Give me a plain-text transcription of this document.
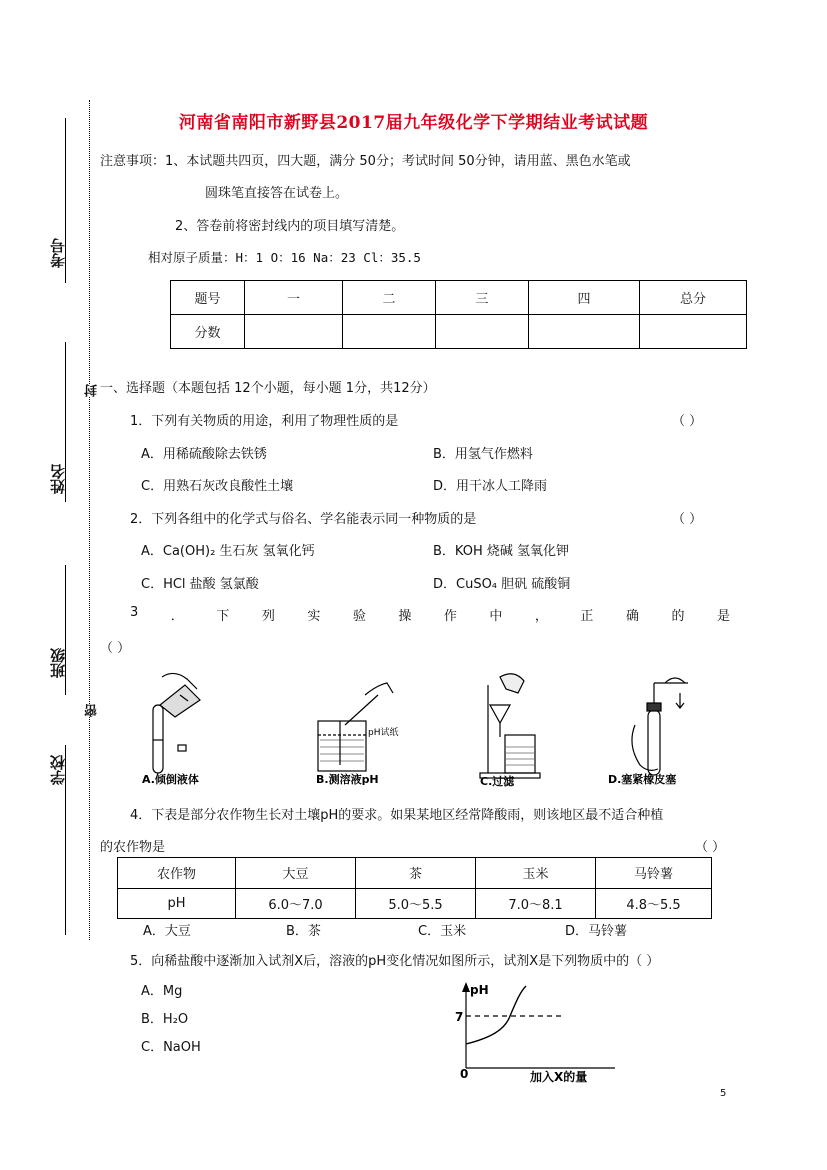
河南省南阳市新野县2017届九年级化学下学期结业考试试题
考号
姓名
班级
学校
封
密
注意事项：1、本试题共四页，四大题，满分 50分；考试时间 50分钟，请用蓝、黑色水笔或
圆珠笔直接答在试卷上。
2、答卷前将密封线内的项目填写清楚。
相对原子质量：H：1 O：16 Na：23 Cl：35.5
题号	一	二	三	四	总分
分数					
一、选择题（本题包括 12个小题，每小题 1分，共12分）
1．下列有关物质的用途，利用了物理性质的是	（ ）
A．用稀硫酸除去铁锈	B．用氢气作燃料
C．用熟石灰改良酸性土壤	D．用干冰人工降雨
2．下列各组中的化学式与俗名、学名能表示同一种物质的是	（ ）
A．Ca(OH)₂ 生石灰 氢氧化钙	B．KOH 烧碱 氢氧化钾
C．HCl 盐酸 氢氯酸	D．CuSO₄ 胆矾 硫酸铜
3	．	下	列	实	验	操	作	中	，	正	确	的	是
（ ）
pH试纸
A.倾倒液体	B.测溶液pH	C.过滤	D.塞紧橡皮塞
4．下表是部分农作物生长对土壤pH的要求。如果某地区经常降酸雨，则该地区最不适合种植
的农作物是	（ ）
农作物	大豆	茶	玉米	马铃薯
pH	6.0～7.0	5.0～5.5	7.0～8.1	4.8～5.5
A．大豆	B．茶	C．玉米	D．马铃薯
5．向稀盐酸中逐渐加入试剂X后，溶液的pH变化情况如图所示，试剂X是下列物质中的（ ）
A．Mg
B．H₂O
C．NaOH
pH
7
0	加入X的量
5
